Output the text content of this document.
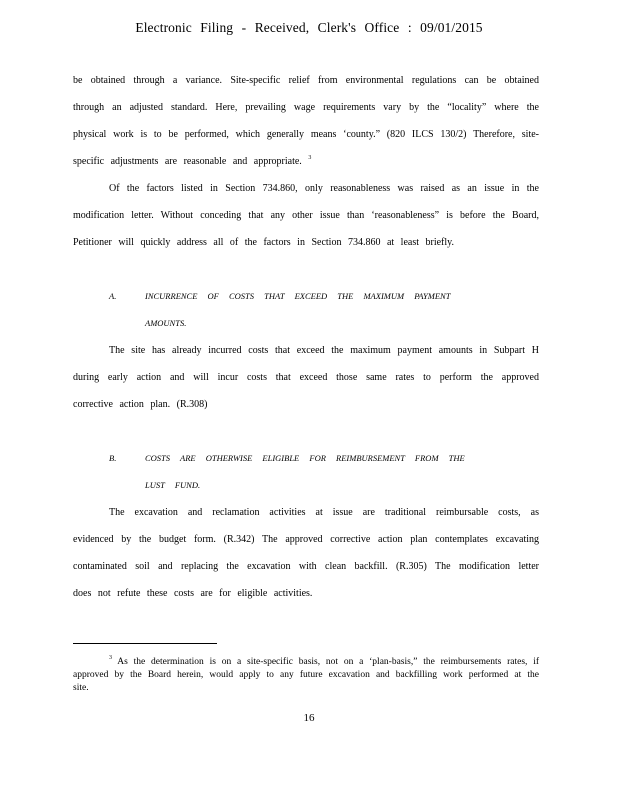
Electronic Filing - Received, Clerk's Office : 09/01/2015

be obtained through a variance. Site-specific relief from environmental regulations can be obtained through an adjusted standard. Here, prevailing wage requirements vary by the “locality” where the physical work is to be performed, which generally means ‘county.” (820 ILCS 130/2) Therefore, site-specific adjustments are reasonable and appropriate. $^3$

Of the factors listed in Section 734.860, only reasonableness was raised as an issue in the modification letter. Without conceding that any other issue than ‘reasonableness” is before the Board, Petitioner will quickly address all of the factors in Section 734.860 at least briefly.

A.	INCURRENCE OF COSTS THAT EXCEED THE MAXIMUM PAYMENT
AMOUNTS.

The site has already incurred costs that exceed the maximum payment amounts in Subpart H during early action and will incur costs that exceed those same rates to perform the approved corrective action plan. (R.308)

B.	COSTS ARE OTHERWISE ELIGIBLE FOR REIMBURSEMENT FROM THE
LUST FUND.

The excavation and reclamation activities at issue are traditional reimbursable costs, as evidenced by the budget form. (R.342) The approved corrective action plan contemplates excavating contaminated soil and replacing the excavation with clean backfill. (R.305) The modification letter does not refute these costs are for eligible activities.

$^3$ As the determination is on a site-specific basis, not on a ‘plan-basis,” the reimbursements rates, if approved by the Board herein, would apply to any future excavation and backfilling work performed at the site.

16
